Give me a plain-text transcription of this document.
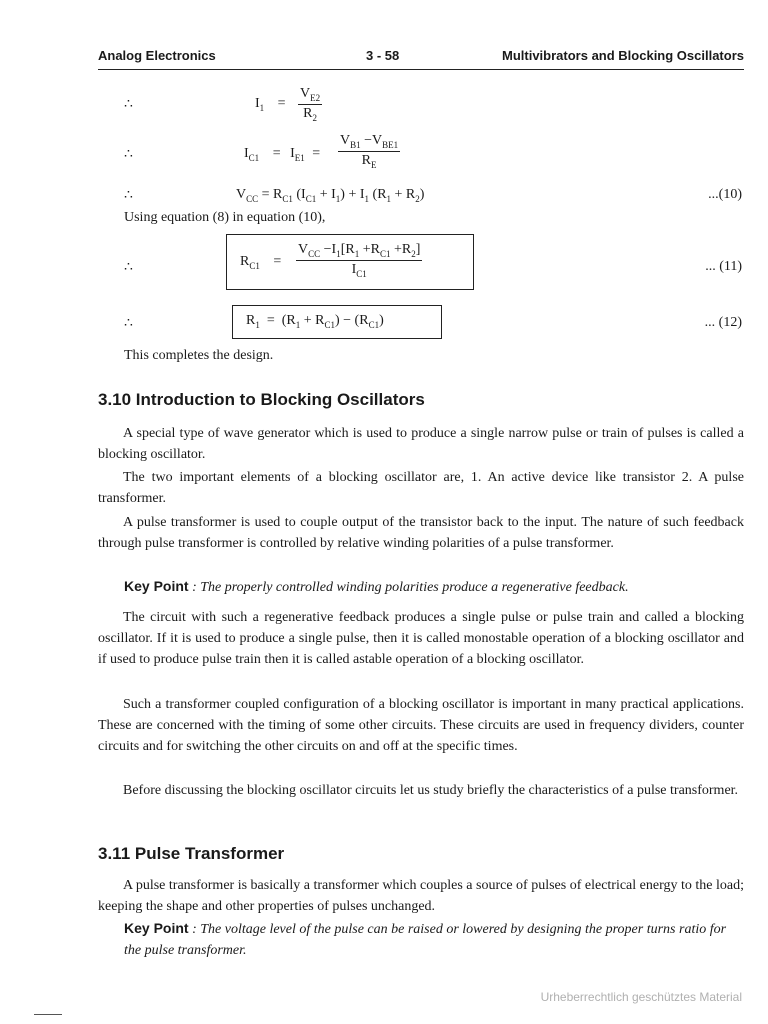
Analog Electronics	3 - 58	Multivibrators and Blocking Oscillators
∴	$I_1$ =
$V_{E2}$
$R_2$
∴	$I_{C1} = I_{E1}$ =
$V_{B1} -V_{BE1}$
$R_E$
∴	$V_{CC} = R_{C1}$ $(I_{C1} + I_1) + I_1$ $(R_1 + R_2)$	...(10)
Using equation (8) in equation (10),
∴	$R_{C1}$ =
$V_{CC} -I_1[R_1 +R_{C1} +R_2]$
$I_{C1}$	... (11)
∴	$R_1 = (R_1 + R_{C1}) - (R_{C1})$	... (12)
This completes the design.
3.10 Introduction to Blocking Oscillators
A special type of wave generator which is used to produce a single narrow pulse or train of pulses is called a blocking oscillator.
The two important elements of a blocking oscillator are, 1. An active device like transistor 2. A pulse transformer.
A pulse transformer is used to couple output of the transistor back to the input. The nature of such feedback through pulse transformer is controlled by relative winding polarities of a pulse transformer.
Key Point : The properly controlled winding polarities produce a regenerative feedback.
The circuit with such a regenerative feedback produces a single pulse or pulse train and called a blocking oscillator. If it is used to produce a single pulse, then it is called monostable operation of a blocking oscillator and if used to produce pulse train then it is called astable operation of a blocking oscillator.
Such a transformer coupled configuration of a blocking oscillator is important in many practical applications. These are concerned with the timing of some other circuits. These circuits are used in frequency dividers, counter circuits and for switching the other circuits on and off at the specific times.
Before discussing the blocking oscillator circuits let us study briefly the characteristics of a pulse transformer.
3.11 Pulse Transformer
A pulse transformer is basically a transformer which couples a source of pulses of electrical energy to the load; keeping the shape and other properties of pulses unchanged.
Key Point : The voltage level of the pulse can be raised or lowered by designing the proper turns ratio for the pulse transformer.
Urheberrechtlich geschütztes Material
